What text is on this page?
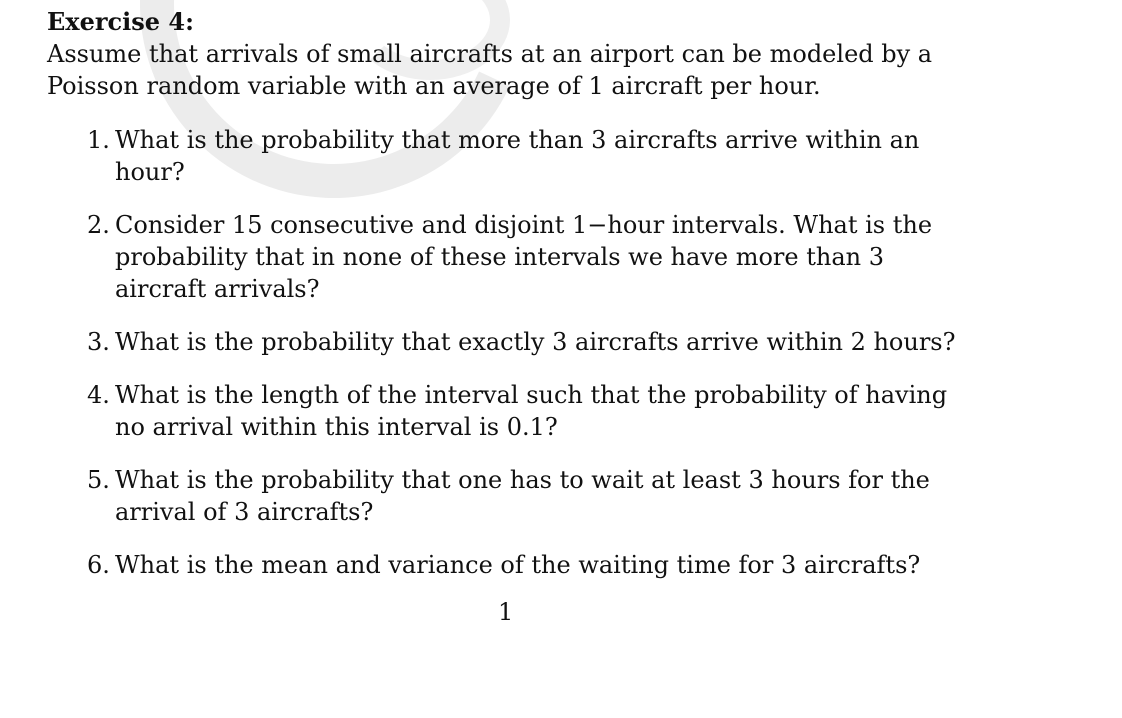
Exercise 4:

Assume that arrivals of small aircrafts at an airport can be modeled by a Poisson random variable with an average of 1 aircraft per hour.

1. What is the probability that more than 3 aircrafts arrive within an hour?
2. Consider 15 consecutive and disjoint 1−hour intervals. What is the probability that in none of these intervals we have more than 3 aircraft arrivals?
3. What is the probability that exactly 3 aircrafts arrive within 2 hours?
4. What is the length of the interval such that the probability of having no arrival within this interval is 0.1?
5. What is the probability that one has to wait at least 3 hours for the arrival of 3 aircrafts?
6. What is the mean and variance of the waiting time for 3 aircrafts?
1
